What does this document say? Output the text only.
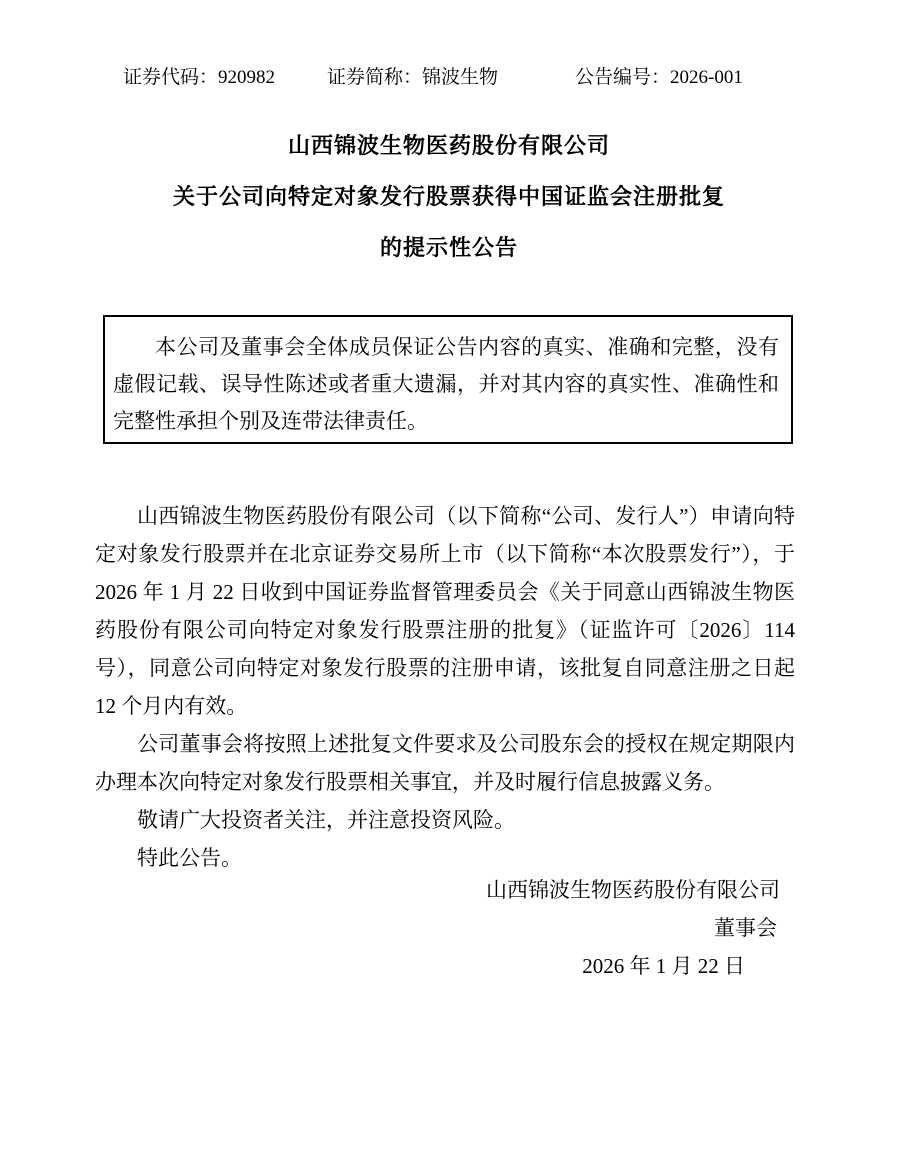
证券代码：920982	证券简称：锦波生物	公告编号：2026-001
山西锦波生物医药股份有限公司
关于公司向特定对象发行股票获得中国证监会注册批复
的提示性公告

本公司及董事会全体成员保证公告内容的真实、准确和完整，没有虚假记载、误导性陈述或者重大遗漏，并对其内容的真实性、准确性和完整性承担个别及连带法律责任。

山西锦波生物医药股份有限公司（以下简称“公司、发行人”）申请向特定对象发行股票并在北京证券交易所上市（以下简称“本次股票发行”），于 2026 年 1 月 22 日收到中国证券监督管理委员会《关于同意山西锦波生物医药股份有限公司向特定对象发行股票注册的批复》（证监许可〔2026〕114 号），同意公司向特定对象发行股票的注册申请，该批复自同意注册之日起 12 个月内有效。

公司董事会将按照上述批复文件要求及公司股东会的授权在规定期限内办理本次向特定对象发行股票相关事宜，并及时履行信息披露义务。

敬请广大投资者关注，并注意投资风险。

特此公告。

山西锦波生物医药股份有限公司
董事会
2026 年 1 月 22 日
